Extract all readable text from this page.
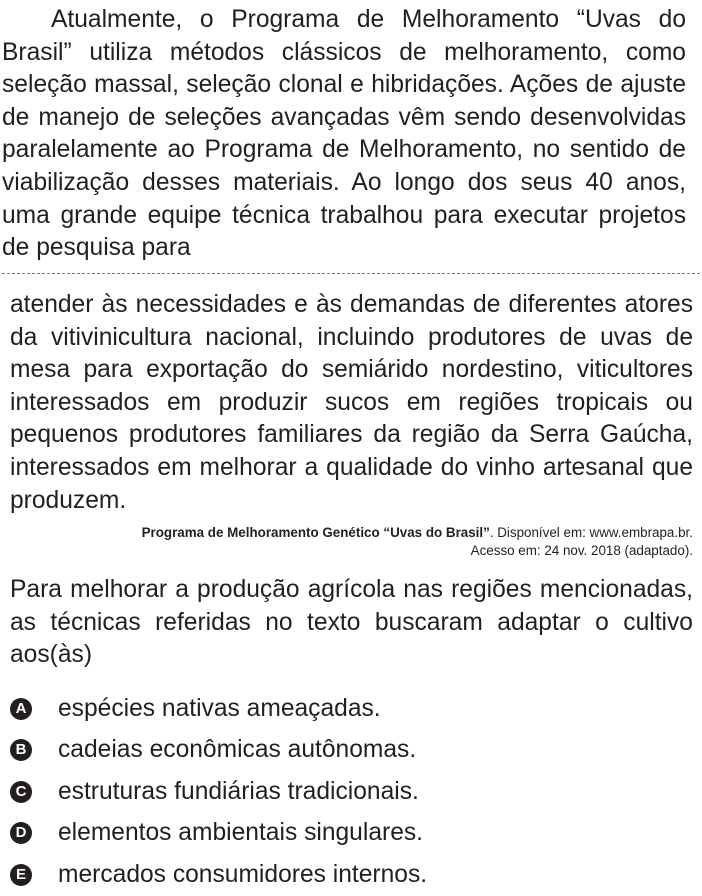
Atualmente, o Programa de Melhoramento “Uvas do Brasil” utiliza métodos clássicos de melhoramento, como seleção massal, seleção clonal e hibridações. Ações de ajuste de manejo de seleções avançadas vêm sendo desenvolvidas paralelamente ao Programa de Melhoramento, no sentido de viabilização desses materiais. Ao longo dos seus 40 anos, uma grande equipe técnica trabalhou para executar projetos de pesquisa para
atender às necessidades e às demandas de diferentes atores da vitivinicultura nacional, incluindo produtores de uvas de mesa para exportação do semiárido nordestino, viticultores interessados em produzir sucos em regiões tropicais ou pequenos produtores familiares da região da Serra Gaúcha, interessados em melhorar a qualidade do vinho artesanal que produzem.
Programa de Melhoramento Genético “Uvas do Brasil”. Disponível em: www.embrapa.br.
Acesso em: 24 nov. 2018 (adaptado).
Para melhorar a produção agrícola nas regiões mencionadas, as técnicas referidas no texto buscaram adaptar o cultivo aos(às)
A espécies nativas ameaçadas.
B cadeias econômicas autônomas.
C estruturas fundiárias tradicionais.
D elementos ambientais singulares.
E mercados consumidores internos.
